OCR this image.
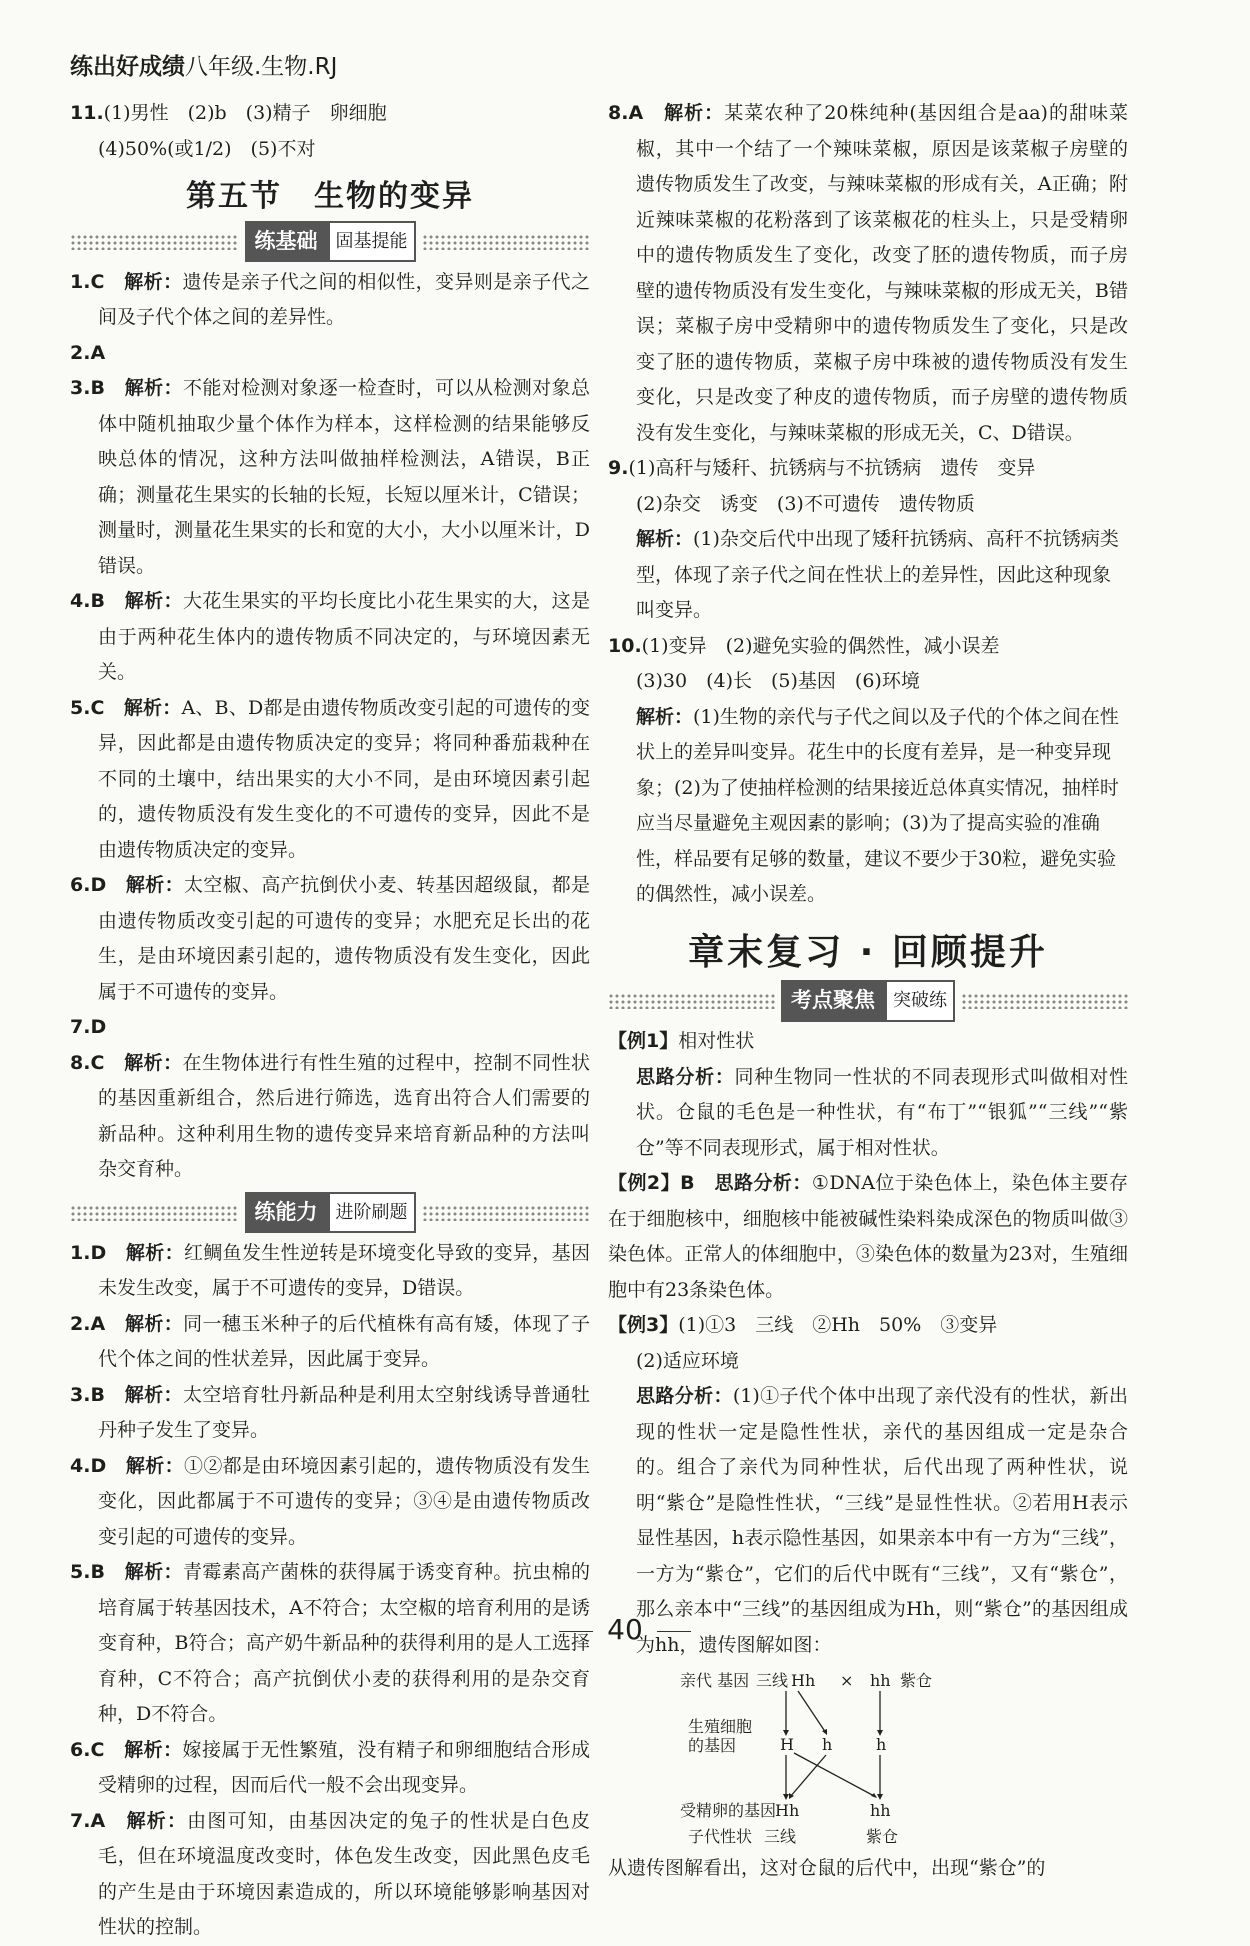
练出好成绩八年级.生物.RJ

11.(1)男性　(2)b　(3)精子　卵细胞

(4)50%(或1/2)　(5)不对

第五节　生物的变异
练基础	固基提能

1.C　 解析：遗传是亲子代之间的相似性，变异则是亲子代之间及子代个体之间的差异性。

2.A

3.B　 解析：不能对检测对象逐一检查时，可以从检测对象总体中随机抽取少量个体作为样本，这样检测的结果能够反映总体的情况，这种方法叫做抽样检测法，A错误，B正确；测量花生果实的长轴的长短，长短以厘米计，C错误；测量时，测量花生果实的长和宽的大小，大小以厘米计，D错误。

4.B　 解析：大花生果实的平均长度比小花生果实的大，这是由于两种花生体内的遗传物质不同决定的，与环境因素无关。

5.C　 解析：A、B、D都是由遗传物质改变引起的可遗传的变异，因此都是由遗传物质决定的变异；将同种番茄栽种在不同的土壤中，结出果实的大小不同，是由环境因素引起的，遗传物质没有发生变化的不可遗传的变异，因此不是由遗传物质决定的变异。

6.D　 解析：太空椒、高产抗倒伏小麦、转基因超级鼠，都是由遗传物质改变引起的可遗传的变异；水肥充足长出的花生，是由环境因素引起的，遗传物质没有发生变化，因此属于不可遗传的变异。

7.D

8.C　 解析：在生物体进行有性生殖的过程中，控制不同性状的基因重新组合，然后进行筛选，选育出符合人们需要的新品种。这种利用生物的遗传变异来培育新品种的方法叫杂交育种。

练能力	进阶刷题

1.D　 解析：红鲷鱼发生性逆转是环境变化导致的变异，基因未发生改变，属于不可遗传的变异，D错误。

2.A　 解析：同一穗玉米种子的后代植株有高有矮，体现了子代个体之间的性状差异，因此属于变异。

3.B　 解析：太空培育牡丹新品种是利用太空射线诱导普通牡丹种子发生了变异。

4.D　 解析：①②都是由环境因素引起的，遗传物质没有发生变化，因此都属于不可遗传的变异；③④是由遗传物质改变引起的可遗传的变异。

5.B　 解析：青霉素高产菌株的获得属于诱变育种。抗虫棉的培育属于转基因技术，A不符合；太空椒的培育利用的是诱变育种，B符合；高产奶牛新品种的获得利用的是人工选择育种，C不符合；高产抗倒伏小麦的获得利用的是杂交育种，D不符合。

6.C　 解析：嫁接属于无性繁殖，没有精子和卵细胞结合形成受精卵的过程，因而后代一般不会出现变异。

7.A　 解析：由图可知，由基因决定的兔子的性状是白色皮毛，但在环境温度改变时，体色发生改变，因此黑色皮毛的产生是由于环境因素造成的，所以环境能够影响基因对性状的控制。

8.A　 解析：某菜农种了20株纯种(基因组合是aa)的甜味菜椒，其中一个结了一个辣味菜椒，原因是该菜椒子房壁的遗传物质发生了改变，与辣味菜椒的形成有关，A正确；附近辣味菜椒的花粉落到了该菜椒花的柱头上，只是受精卵中的遗传物质发生了变化，改变了胚的遗传物质，而子房壁的遗传物质没有发生变化，与辣味菜椒的形成无关，B错误；菜椒子房中受精卵中的遗传物质发生了变化，只是改变了胚的遗传物质，菜椒子房中珠被的遗传物质没有发生变化，只是改变了种皮的遗传物质，而子房壁的遗传物质没有发生变化，与辣味菜椒的形成无关，C、D错误。

9.(1)高秆与矮秆、抗锈病与不抗锈病　遗传　变异

(2)杂交　诱变　(3)不可遗传　遗传物质

解析：(1)杂交后代中出现了矮秆抗锈病、高秆不抗锈病类型，体现了亲子代之间在性状上的差异性，因此这种现象叫变异。

10.(1)变异　(2)避免实验的偶然性，减小误差

(3)30　(4)长　(5)基因　(6)环境

解析：(1)生物的亲代与子代之间以及子代的个体之间在性状上的差异叫变异。花生中的长度有差异，是一种变异现象；(2)为了使抽样检测的结果接近总体真实情况，抽样时应当尽量避免主观因素的影响；(3)为了提高实验的准确性，样品要有足够的数量，建议不要少于30粒，避免实验的偶然性，减小误差。

章末复习 · 回顾提升
考点聚焦	突破练

【例1】相对性状

思路分析：同种生物同一性状的不同表现形式叫做相对性状。仓鼠的毛色是一种性状，有“布丁”“银狐”“三线”“紫仓”等不同表现形式，属于相对性状。

【例2】B　 思路分析：①DNA位于染色体上，染色体主要存在于细胞核中，细胞核中能被碱性染料染成深色的物质叫做③染色体。正常人的体细胞中，③染色体的数量为23对，生殖细胞中有23条染色体。

【例3】(1)①3　三线　②Hh　50%　③变异

(2)适应环境

思路分析：(1)①子代个体中出现了亲代没有的性状，新出现的性状一定是隐性性状，亲代的基因组成一定是杂合的。组合了亲代为同种性状，后代出现了两种性状，说明“紫仓”是隐性性状，“三线”是显性性状。②若用H表示显性基因，h表示隐性基因，如果亲本中有一方为“三线”，一方为“紫仓”，它们的后代中既有“三线”，又有“紫仓”，那么亲本中“三线”的基因组成为Hh，则“紫仓”的基因组成为hh，遗传图解如图：

亲代 基因 三线 Hh × hh 紫仓
生殖细胞
的基因	H h	h
受精卵的基因
Hh	hh
子代性状 三线	紫仓

从遗传图解看出，这对仓鼠的后代中，出现“紫仓”的

40
